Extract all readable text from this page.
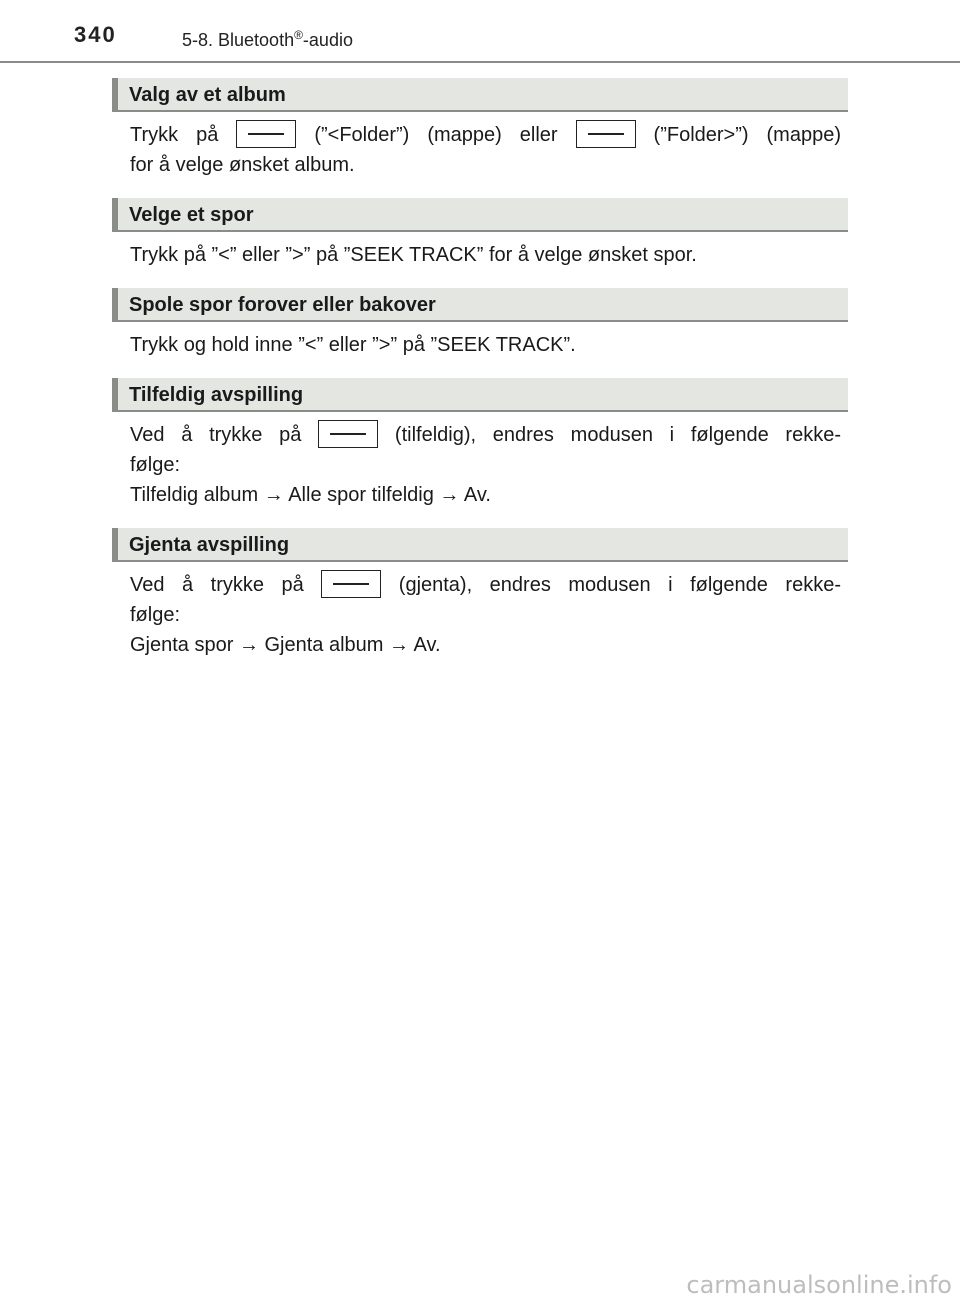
340	5-8. Bluetooth®-audio
Valg av et album
Trykk på	(”<Folder”) (mappe) eller	(”Folder>”) (mappe)
for å velge ønsket album.
Velge et spor
Trykk på ”<” eller ”>” på ”SEEK TRACK” for å velge ønsket spor.
Spole spor forover eller bakover
Trykk og hold inne ”<” eller ”>” på ”SEEK TRACK”.
Tilfeldig avspilling
Ved å trykke på	(tilfeldig), endres modusen i følgende rekke-
følge:
Tilfeldig album → Alle spor tilfeldig → Av.
Gjenta avspilling
Ved å trykke på	(gjenta), endres modusen i følgende rekke-
følge:
Gjenta spor → Gjenta album → Av.
carmanualsonline.info
